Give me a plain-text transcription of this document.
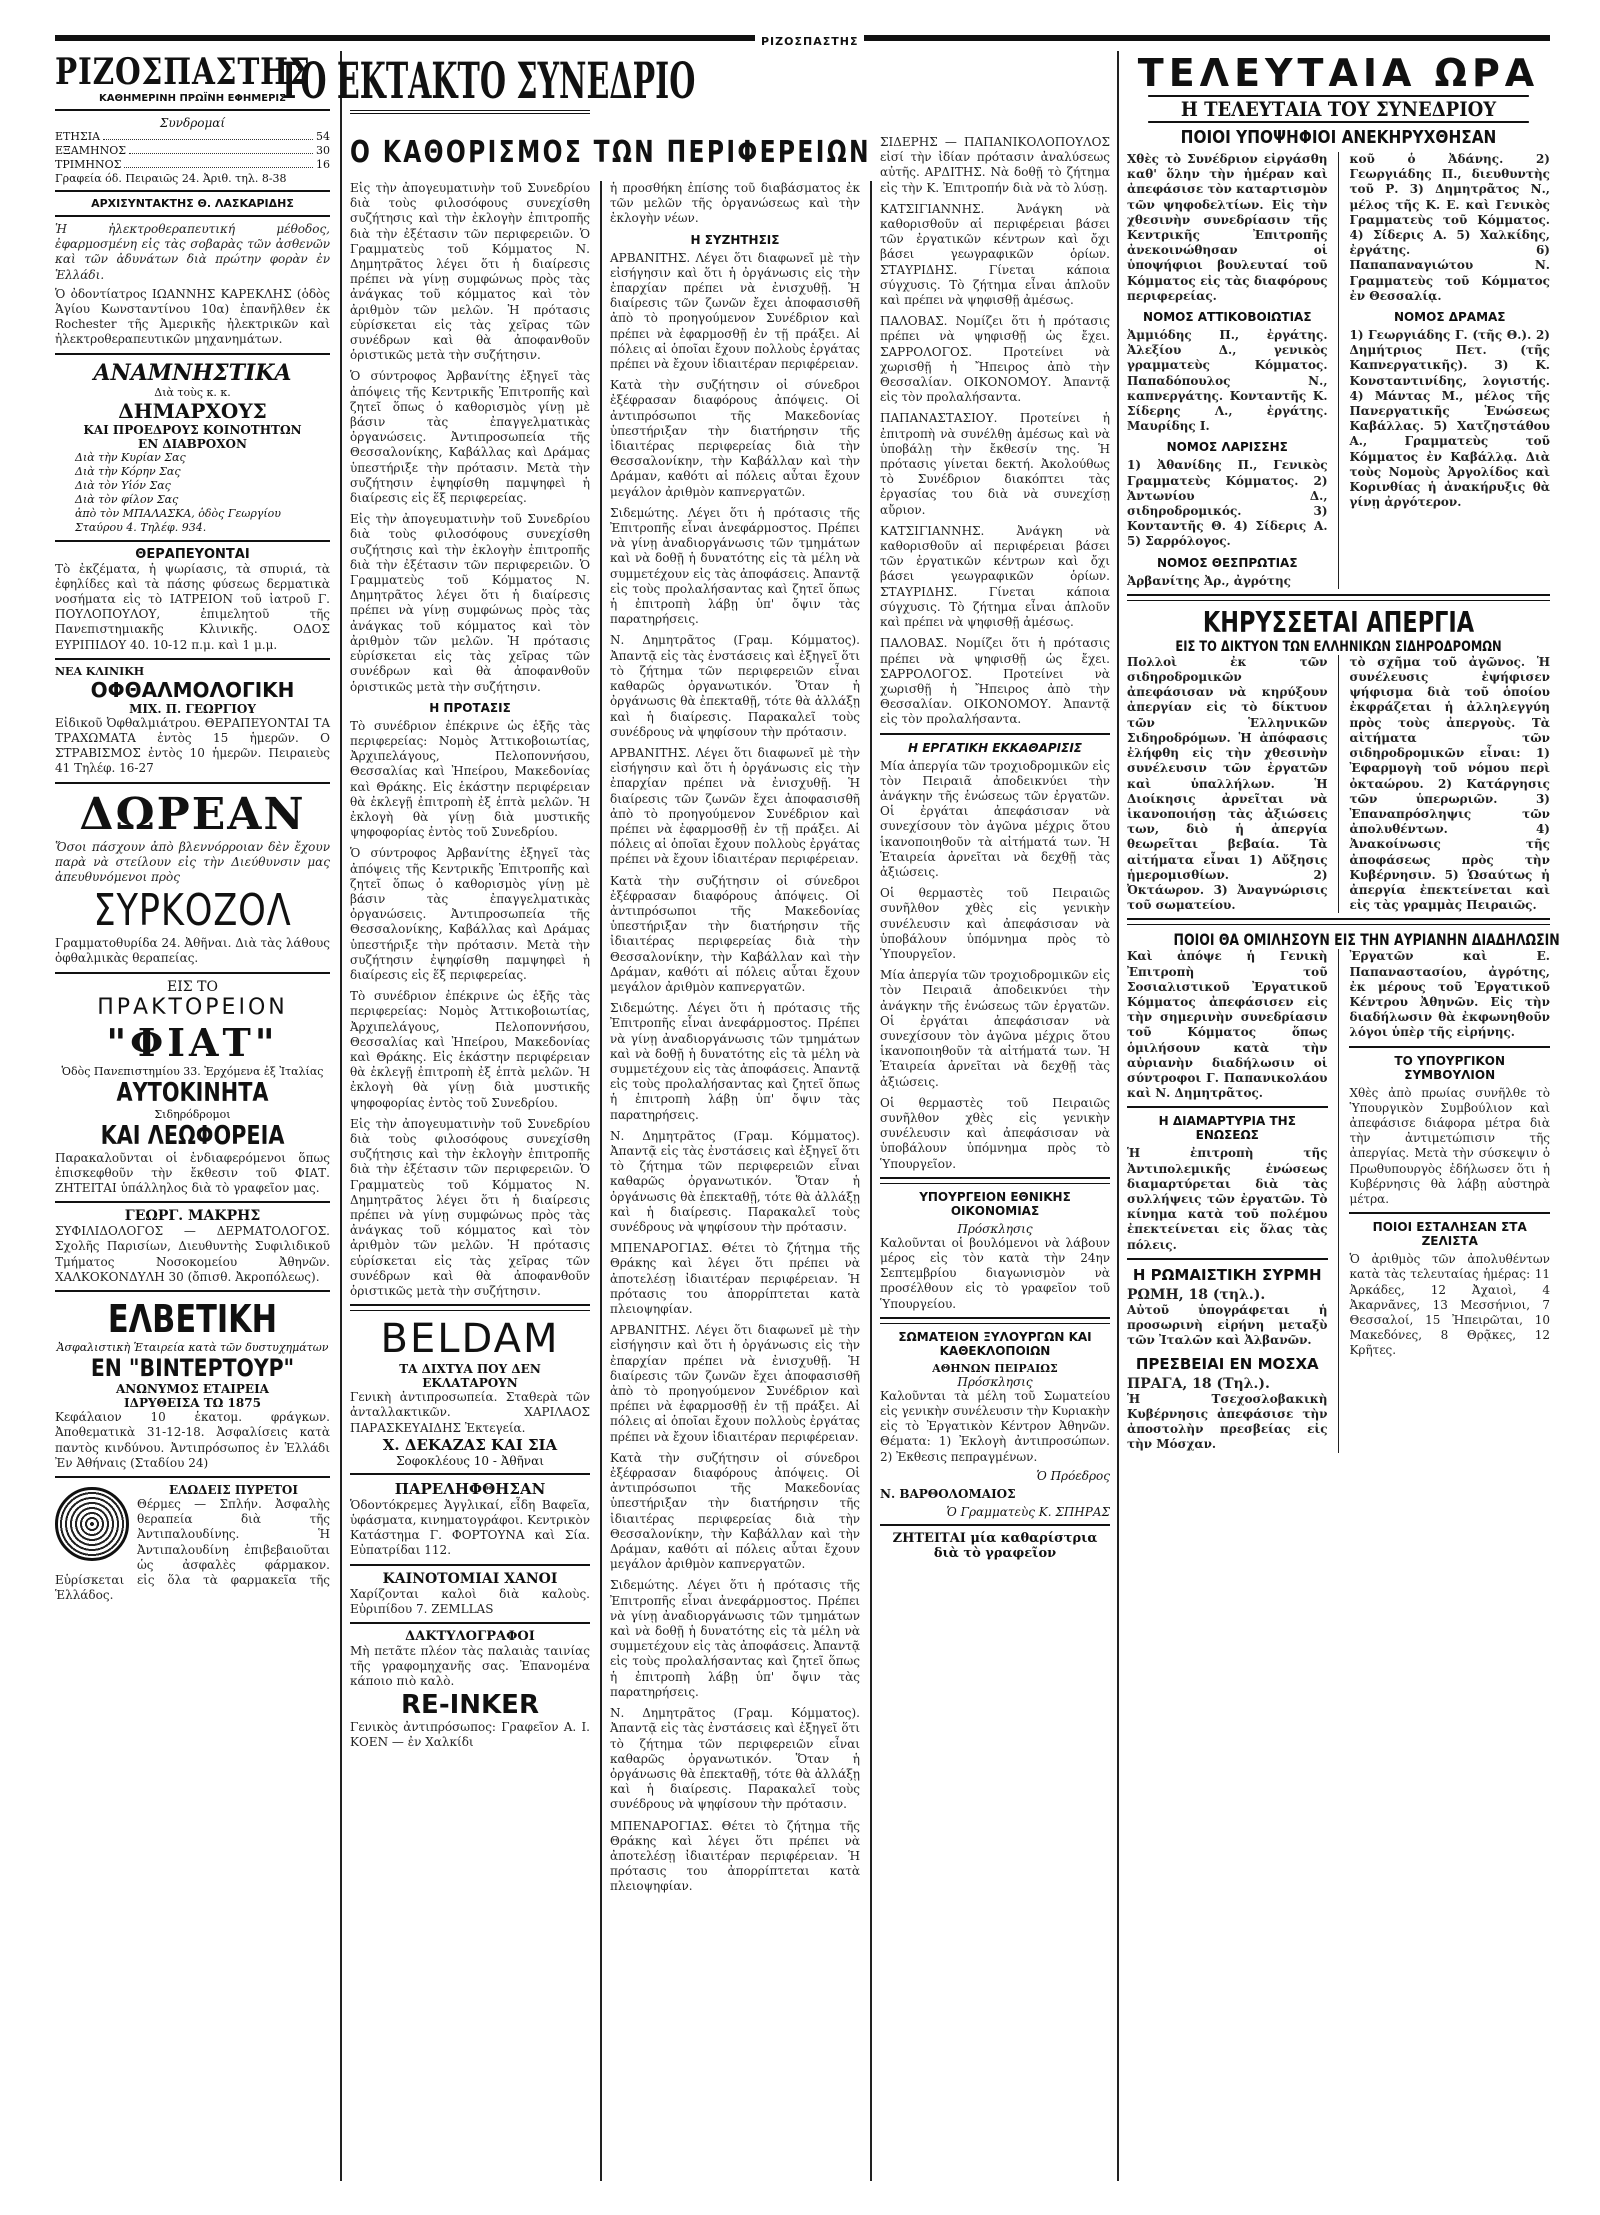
ΡΙΖΟΣΠΑΣΤΗΣ
ΡΙΖΟΣΠΑΣΤΗΣ
ΚΑΘΗΜΕΡΙΝΗ ΠΡΩΪΝΗ ΕΦΗΜΕΡΙΣ
Συνδρομαί
ΕΤΗΣΙΑ	54
ΕΞΑΜΗΝΟΣ	30
ΤΡΙΜΗΝΟΣ	16
Γραφεία όδ. Πειραιῶς 24. Ἀριθ. τηλ. 8-38
ΑΡΧΙΣΥΝΤΑΚΤΗΣ Θ. ΛΑΣΚΑΡΙΔΗΣ

Ἡ ἠλεκτροθεραπευτική μέθοδος, ἐφαρμοσμένη εἰς τὰς σοβαρὰς τῶν ἀσθενῶν καὶ τῶν ἀδυνάτων διὰ πρώτην φορὰν ἐν Ἑλλάδι.

Ὁ ὀδοντίατρος ΙΩΑΝΝΗΣ ΚΑΡΕΚΛΗΣ (ὁδὸς Ἁγίου Κωνσταντίνου 10α) ἐπανῆλθεν ἐκ Rochester τῆς Ἀμερικῆς ἠλεκτρικῶν καὶ ἠλεκτροθεραπευτικῶν μηχανημάτων.

ΑΝΑΜΝΗΣΤΙΚΑ
Διὰ τοὺς κ. κ.
ΔΗΜΑΡΧΟΥΣ
ΚΑΙ ΠΡΟΕΔΡΟΥΣ ΚΟΙΝΟΤΗΤΩΝ
ΕΝ ΔΙΑΒΡΟΧΟΝ
Διὰ τὴν Κυρίαν Σας
Διὰ τὴν Κόρην Σας
Διὰ τὸν Υἱόν Σας
Διὰ τὸν φίλον Σας
ἀπὸ τὸν ΜΠΑΛΑΣΚΑ, ὁδὸς Γεωργίου Σταύρου 4. Τηλέφ. 934.
ΘΕΡΑΠΕΥΟΝΤΑΙ

Τὸ ἐκζέματα, ἡ ψωρίασις, τὰ σπυριά, τὰ ἐφηλίδες καὶ τὰ πάσης φύσεως δερματικὰ νοσήματα εἰς τὸ ΙΑΤΡΕΙΟΝ τοῦ ἰατροῦ Γ. ΠΟΥΛΟΠΟΥΛΟΥ, ἐπιμελητοῦ τῆς Πανεπιστημιακῆς Κλινικῆς. ΟΔΟΣ ΕΥΡΙΠΙΔΟΥ 40. 10-12 π.μ. καὶ 1 μ.μ.

ΝΕΑ ΚΛΙΝΙΚΗ
ΟΦΘΑΛΜΟΛΟΓΙΚΗ
ΜΙΧ. Π. ΓΕΩΡΓΙΟΥ

Εἰδικοῦ Ὀφθαλμιάτρου. ΘΕΡΑΠΕΥΟΝΤΑΙ ΤΑ ΤΡΑΧΩΜΑΤΑ ἐντὸς 15 ἡμερῶν. Ο ΣΤΡΑΒΙΣΜΟΣ ἐντὸς 10 ἡμερῶν. Πειραιεὺς 41 Τηλέφ. 16-27

ΔΩΡΕΑΝ

Ὅσοι πάσχουν ἀπὸ βλεννόρροιαν δὲν ἔχουν παρὰ νὰ στείλουν εἰς τὴν Διεύθυνσιν μας ἀπευθυνόμενοι πρὸς

ΣΥΡΚΟΖΟΛ

Γραμματοθυρίδα 24. Ἀθῆναι. Διὰ τὰς λάθους ὀφθαλμικὰς θεραπείας.

ΕΙΣ ΤΟ
ΠΡΑΚΤΟΡΕΙΟΝ
"ΦΙΑΤ"
Ὁδὸς Πανεπιστημίου 33. Ἐρχόμενα ἐξ Ἰταλίας
ΑΥΤΟΚΙΝΗΤΑ
Σιδηρόδρομοι
ΚΑΙ ΛΕΩΦΟΡΕΙΑ

Παρακαλοῦνται οἱ ἐνδιαφερόμενοι ὅπως ἐπισκεφθοῦν τὴν ἔκθεσιν τοῦ ΦΙΑΤ. ΖΗΤΕΙΤΑΙ ὑπάλληλος διὰ τὸ γραφεῖον μας.

ΓΕΩΡΓ. ΜΑΚΡΗΣ

ΣΥΦΙΛΙΔΟΛΟΓΟΣ — ΔΕΡΜΑΤΟΛΟΓΟΣ. Σχολῆς Παρισίων, Διευθυντὴς Συφιλιδικοῦ Τμήματος Νοσοκομείου Ἀθηνῶν. ΧΑΛΚΟΚΟΝΔΥΛΗ 30 (ὄπισθ. Ἀκροπόλεως).

ΕΛΒΕΤΙΚΗ
Ἀσφαλιστικὴ Ἑταιρεία κατὰ τῶν δυστυχημάτων
ΕΝ "ΒΙΝΤΕΡΤΟΥΡ"
ΑΝΩΝΥΜΟΣ ΕΤΑΙΡΕΙΑ
ΙΔΡΥΘΕΙΣΑ ΤΩ 1875

Κεφάλαιον 10 ἑκατομ. φράγκων. Ἀποθεματικὰ 31-12-18. Ἀσφαλίσεις κατὰ παντὸς κινδύνου. Ἀντιπρόσωπος ἐν Ἑλλάδι Ἐν Ἀθήναις (Σταδίου 24)

ΕΛΩΔΕΙΣ ΠΥΡΕΤΟΙ

Θέρμες — Σπλήν. Ἀσφαλὴς θεραπεία διὰ τῆς Ἀντιπαλουδίνης. Ἡ Ἀντιπαλουδίνη ἐπιβεβαιοῦται ὡς ἀσφαλὲς φάρμακον. Εὑρίσκεται εἰς ὅλα τὰ φαρμακεῖα τῆς Ἑλλάδος.

ΤΟ ΕΚΤΑΚΤΟ ΣΥΝΕΔΡΙΟ
Ο ΚΑΘΟΡΙΣΜΟΣ ΤΩΝ ΠΕΡΙΦΕΡΕΙΩΝ

Εἰς τὴν ἀπογευματινὴν τοῦ Συνεδρίου διὰ τοὺς φιλοσόφους συνεχίσθη συζήτησις καὶ τὴν ἐκλογὴν ἐπιτροπῆς διὰ τὴν ἐξέτασιν τῶν περιφερειῶν. Ὁ Γραμματεὺς τοῦ Κόμματος Ν. Δημητρᾶτος λέγει ὅτι ἡ διαίρεσις πρέπει νὰ γίνῃ συμφώνως πρὸς τὰς ἀνάγκας τοῦ κόμματος καὶ τὸν ἀριθμὸν τῶν μελῶν. Ἡ πρότασις εὑρίσκεται εἰς τὰς χεῖρας τῶν συνέδρων καὶ θὰ ἀποφανθοῦν ὁριστικῶς μετὰ τὴν συζήτησιν.

Ὁ σύντροφος Ἀρβανίτης ἐξηγεῖ τὰς ἀπόψεις τῆς Κεντρικῆς Ἐπιτροπῆς καὶ ζητεῖ ὅπως ὁ καθορισμὸς γίνῃ μὲ βάσιν τὰς ἐπαγγελματικὰς ὀργανώσεις. Ἀντιπροσωπεία τῆς Θεσσαλονίκης, Καβάλλας καὶ Δράμας ὑπεστήριξε τὴν πρότασιν. Μετὰ τὴν συζήτησιν ἐψηφίσθη παμψηφεὶ ἡ διαίρεσις εἰς ἕξ περιφερείας.

Εἰς τὴν ἀπογευματινὴν τοῦ Συνεδρίου διὰ τοὺς φιλοσόφους συνεχίσθη συζήτησις καὶ τὴν ἐκλογὴν ἐπιτροπῆς διὰ τὴν ἐξέτασιν τῶν περιφερειῶν. Ὁ Γραμματεὺς τοῦ Κόμματος Ν. Δημητρᾶτος λέγει ὅτι ἡ διαίρεσις πρέπει νὰ γίνῃ συμφώνως πρὸς τὰς ἀνάγκας τοῦ κόμματος καὶ τὸν ἀριθμὸν τῶν μελῶν. Ἡ πρότασις εὑρίσκεται εἰς τὰς χεῖρας τῶν συνέδρων καὶ θὰ ἀποφανθοῦν ὁριστικῶς μετὰ τὴν συζήτησιν.

Η ΠΡΟΤΑΣΙΣ

Τὸ συνέδριον ἐπέκρινε ὡς ἑξῆς τὰς περιφερείας: Νομὸς Ἀττικοβοιωτίας, Ἀρχιπελάγους, Πελοποννήσου, Θεσσαλίας καὶ Ἠπείρου, Μακεδονίας καὶ Θράκης. Εἰς ἑκάστην περιφέρειαν θὰ ἐκλεγῇ ἐπιτροπὴ ἐξ ἑπτὰ μελῶν. Ἡ ἐκλογὴ θὰ γίνῃ διὰ μυστικῆς ψηφοφορίας ἐντὸς τοῦ Συνεδρίου.

Ὁ σύντροφος Ἀρβανίτης ἐξηγεῖ τὰς ἀπόψεις τῆς Κεντρικῆς Ἐπιτροπῆς καὶ ζητεῖ ὅπως ὁ καθορισμὸς γίνῃ μὲ βάσιν τὰς ἐπαγγελματικὰς ὀργανώσεις. Ἀντιπροσωπεία τῆς Θεσσαλονίκης, Καβάλλας καὶ Δράμας ὑπεστήριξε τὴν πρότασιν. Μετὰ τὴν συζήτησιν ἐψηφίσθη παμψηφεὶ ἡ διαίρεσις εἰς ἕξ περιφερείας.

Τὸ συνέδριον ἐπέκρινε ὡς ἑξῆς τὰς περιφερείας: Νομὸς Ἀττικοβοιωτίας, Ἀρχιπελάγους, Πελοποννήσου, Θεσσαλίας καὶ Ἠπείρου, Μακεδονίας καὶ Θράκης. Εἰς ἑκάστην περιφέρειαν θὰ ἐκλεγῇ ἐπιτροπὴ ἐξ ἑπτὰ μελῶν. Ἡ ἐκλογὴ θὰ γίνῃ διὰ μυστικῆς ψηφοφορίας ἐντὸς τοῦ Συνεδρίου.

Εἰς τὴν ἀπογευματινὴν τοῦ Συνεδρίου διὰ τοὺς φιλοσόφους συνεχίσθη συζήτησις καὶ τὴν ἐκλογὴν ἐπιτροπῆς διὰ τὴν ἐξέτασιν τῶν περιφερειῶν. Ὁ Γραμματεὺς τοῦ Κόμματος Ν. Δημητρᾶτος λέγει ὅτι ἡ διαίρεσις πρέπει νὰ γίνῃ συμφώνως πρὸς τὰς ἀνάγκας τοῦ κόμματος καὶ τὸν ἀριθμὸν τῶν μελῶν. Ἡ πρότασις εὑρίσκεται εἰς τὰς χεῖρας τῶν συνέδρων καὶ θὰ ἀποφανθοῦν ὁριστικῶς μετὰ τὴν συζήτησιν.

BELDAM
ΤΑ ΔΙΧΤΥΑ ΠΟΥ ΔΕΝ ΕΚΛΑΤΑΡΟΥΝ

Γενικὴ ἀντιπροσωπεία. Σταθερὰ τῶν ἀνταλλακτικῶν. ΧΑΡΙΛΑΟΣ ΠΑΡΑΣΚΕΥΑΙΔΗΣ Ἐκτεγεία.

Χ. ΔΕΚΑΖΑΣ ΚΑΙ ΣΙΑ
Σοφοκλέους 10 - Ἀθῆναι
ΠΑΡΕΛΗΦΘΗΣΑΝ

Ὁδοντόκρεμες Ἀγγλικαί, εἶδη Βαφεῖα, ὑφάσματα, κινηματογράφοι. Κεντρικὸν Κατάστημα Γ. ΦΟΡΤΟΥΝΑ καὶ Σία. Εὐπατρίδαι 112.

ΚΑΙΝΟΤΟΜΙΑΙ ΧΑΝΟΙ

Χαρίζονται καλοὶ διὰ καλοὺς. Εὐριπίδου 7. ZEMLLAS

ΔΑΚΤΥΛΟΓΡΑΦΟΙ

Μὴ πετᾶτε πλέον τὰς παλαιὰς ταινίας τῆς γραφομηχανῆς σας. Ἐπανομένα κάποιο πιὸ καλὸ.

RE-INKER

Γενικὸς ἀντιπρόσωπος: Γραφεῖον Α. Ι. ΚΟΕΝ — ἐν Χαλκίδι

ἡ προσθήκη ἐπίσης τοῦ διαβάσματος ἐκ τῶν μελῶν τῆς ὀργανώσεως καὶ τὴν ἐκλογὴν νέων.

Η ΣΥΖΗΤΗΣΙΣ

ΑΡΒΑΝΙΤΗΣ. Λέγει ὅτι διαφωνεῖ μὲ τὴν εἰσήγησιν καὶ ὅτι ἡ ὀργάνωσις εἰς τὴν ἐπαρχίαν πρέπει νὰ ἐνισχυθῇ. Ἡ διαίρεσις τῶν ζωνῶν ἔχει ἀποφασισθῆ ἀπὸ τὸ προηγούμενον Συνέδριον καὶ πρέπει νὰ ἐφαρμοσθῇ ἐν τῇ πράξει. Αἱ πόλεις αἱ ὁποῖαι ἔχουν πολλοὺς ἐργάτας πρέπει νὰ ἔχουν ἰδιαιτέραν περιφέρειαν.

Κατὰ τὴν συζήτησιν οἱ σύνεδροι ἐξέφρασαν διαφόρους ἀπόψεις. Οἱ ἀντιπρόσωποι τῆς Μακεδονίας ὑπεστήριξαν τὴν διατήρησιν τῆς ἰδιαιτέρας περιφερείας διὰ τὴν Θεσσαλονίκην, τὴν Καβάλλαν καὶ τὴν Δράμαν, καθότι αἱ πόλεις αὗται ἔχουν μεγάλον ἀριθμὸν καπνεργατῶν.

Σιδεμώτης. Λέγει ὅτι ἡ πρότασις τῆς Ἐπιτροπῆς εἶναι ἀνεφάρμοστος. Πρέπει νὰ γίνῃ ἀναδιοργάνωσις τῶν τμημάτων καὶ νὰ δοθῇ ἡ δυνατότης εἰς τὰ μέλη νὰ συμμετέχουν εἰς τὰς ἀποφάσεις. Ἀπαντᾷ εἰς τοὺς προλαλήσαντας καὶ ζητεῖ ὅπως ἡ ἐπιτροπὴ λάβῃ ὑπ' ὄψιν τὰς παρατηρήσεις.

Ν. Δημητρᾶτος (Γραμ. Κόμματος). Ἀπαντᾷ εἰς τὰς ἐνστάσεις καὶ ἐξηγεῖ ὅτι τὸ ζήτημα τῶν περιφερειῶν εἶναι καθαρῶς ὀργανωτικόν. Ὅταν ἡ ὀργάνωσις θὰ ἐπεκταθῇ, τότε θὰ ἀλλάξῃ καὶ ἡ διαίρεσις. Παρακαλεῖ τοὺς συνέδρους νὰ ψηφίσουν τὴν πρότασιν.

ΑΡΒΑΝΙΤΗΣ. Λέγει ὅτι διαφωνεῖ μὲ τὴν εἰσήγησιν καὶ ὅτι ἡ ὀργάνωσις εἰς τὴν ἐπαρχίαν πρέπει νὰ ἐνισχυθῇ. Ἡ διαίρεσις τῶν ζωνῶν ἔχει ἀποφασισθῆ ἀπὸ τὸ προηγούμενον Συνέδριον καὶ πρέπει νὰ ἐφαρμοσθῇ ἐν τῇ πράξει. Αἱ πόλεις αἱ ὁποῖαι ἔχουν πολλοὺς ἐργάτας πρέπει νὰ ἔχουν ἰδιαιτέραν περιφέρειαν.

Κατὰ τὴν συζήτησιν οἱ σύνεδροι ἐξέφρασαν διαφόρους ἀπόψεις. Οἱ ἀντιπρόσωποι τῆς Μακεδονίας ὑπεστήριξαν τὴν διατήρησιν τῆς ἰδιαιτέρας περιφερείας διὰ τὴν Θεσσαλονίκην, τὴν Καβάλλαν καὶ τὴν Δράμαν, καθότι αἱ πόλεις αὗται ἔχουν μεγάλον ἀριθμὸν καπνεργατῶν.

Σιδεμώτης. Λέγει ὅτι ἡ πρότασις τῆς Ἐπιτροπῆς εἶναι ἀνεφάρμοστος. Πρέπει νὰ γίνῃ ἀναδιοργάνωσις τῶν τμημάτων καὶ νὰ δοθῇ ἡ δυνατότης εἰς τὰ μέλη νὰ συμμετέχουν εἰς τὰς ἀποφάσεις. Ἀπαντᾷ εἰς τοὺς προλαλήσαντας καὶ ζητεῖ ὅπως ἡ ἐπιτροπὴ λάβῃ ὑπ' ὄψιν τὰς παρατηρήσεις.

Ν. Δημητρᾶτος (Γραμ. Κόμματος). Ἀπαντᾷ εἰς τὰς ἐνστάσεις καὶ ἐξηγεῖ ὅτι τὸ ζήτημα τῶν περιφερειῶν εἶναι καθαρῶς ὀργανωτικόν. Ὅταν ἡ ὀργάνωσις θὰ ἐπεκταθῇ, τότε θὰ ἀλλάξῃ καὶ ἡ διαίρεσις. Παρακαλεῖ τοὺς συνέδρους νὰ ψηφίσουν τὴν πρότασιν.

ΜΠΕΝΑΡΟΓΙΑΣ. Θέτει τὸ ζήτημα τῆς Θράκης καὶ λέγει ὅτι πρέπει νὰ ἀποτελέσῃ ἰδιαιτέραν περιφέρειαν. Ἡ πρότασις του ἀπορρίπτεται κατὰ πλειοψηφίαν.

ΑΡΒΑΝΙΤΗΣ. Λέγει ὅτι διαφωνεῖ μὲ τὴν εἰσήγησιν καὶ ὅτι ἡ ὀργάνωσις εἰς τὴν ἐπαρχίαν πρέπει νὰ ἐνισχυθῇ. Ἡ διαίρεσις τῶν ζωνῶν ἔχει ἀποφασισθῆ ἀπὸ τὸ προηγούμενον Συνέδριον καὶ πρέπει νὰ ἐφαρμοσθῇ ἐν τῇ πράξει. Αἱ πόλεις αἱ ὁποῖαι ἔχουν πολλοὺς ἐργάτας πρέπει νὰ ἔχουν ἰδιαιτέραν περιφέρειαν.

Κατὰ τὴν συζήτησιν οἱ σύνεδροι ἐξέφρασαν διαφόρους ἀπόψεις. Οἱ ἀντιπρόσωποι τῆς Μακεδονίας ὑπεστήριξαν τὴν διατήρησιν τῆς ἰδιαιτέρας περιφερείας διὰ τὴν Θεσσαλονίκην, τὴν Καβάλλαν καὶ τὴν Δράμαν, καθότι αἱ πόλεις αὗται ἔχουν μεγάλον ἀριθμὸν καπνεργατῶν.

Σιδεμώτης. Λέγει ὅτι ἡ πρότασις τῆς Ἐπιτροπῆς εἶναι ἀνεφάρμοστος. Πρέπει νὰ γίνῃ ἀναδιοργάνωσις τῶν τμημάτων καὶ νὰ δοθῇ ἡ δυνατότης εἰς τὰ μέλη νὰ συμμετέχουν εἰς τὰς ἀποφάσεις. Ἀπαντᾷ εἰς τοὺς προλαλήσαντας καὶ ζητεῖ ὅπως ἡ ἐπιτροπὴ λάβῃ ὑπ' ὄψιν τὰς παρατηρήσεις.

Ν. Δημητρᾶτος (Γραμ. Κόμματος). Ἀπαντᾷ εἰς τὰς ἐνστάσεις καὶ ἐξηγεῖ ὅτι τὸ ζήτημα τῶν περιφερειῶν εἶναι καθαρῶς ὀργανωτικόν. Ὅταν ἡ ὀργάνωσις θὰ ἐπεκταθῇ, τότε θὰ ἀλλάξῃ καὶ ἡ διαίρεσις. Παρακαλεῖ τοὺς συνέδρους νὰ ψηφίσουν τὴν πρότασιν.

ΜΠΕΝΑΡΟΓΙΑΣ. Θέτει τὸ ζήτημα τῆς Θράκης καὶ λέγει ὅτι πρέπει νὰ ἀποτελέσῃ ἰδιαιτέραν περιφέρειαν. Ἡ πρότασις του ἀπορρίπτεται κατὰ πλειοψηφίαν.

ΣΙΔΕΡΗΣ — ΠΑΠΑΝΙΚΟΛΟΠΟΥΛΟΣ εἰσί τὴν ἰδίαν πρότασιν ἀναλύσεως αὐτῆς. ΑΡΔΙΤΗΣ. Νὰ δοθῇ τὸ ζήτημα εἰς τὴν Κ. Ἐπιτροπήν διὰ νὰ τὸ λύσῃ.

ΚΑΤΣΙΓΙΑΝΝΗΣ. Ἀνάγκη νὰ καθορισθοῦν αἱ περιφέρειαι βάσει τῶν ἐργατικῶν κέντρων καὶ ὄχι βάσει γεωγραφικῶν ὁρίων. ΣΤΑΥΡΙΔΗΣ. Γίνεται κάποια σύγχυσις. Τὸ ζήτημα εἶναι ἁπλοῦν καὶ πρέπει νὰ ψηφισθῇ ἀμέσως.

ΠΑΛΟΒΑΣ. Νομίζει ὅτι ἡ πρότασις πρέπει νὰ ψηφισθῇ ὡς ἔχει. ΣΑΡΡΟΛΟΓΟΣ. Προτείνει νὰ χωρισθῇ ἡ Ἤπειρος ἀπὸ τὴν Θεσσαλίαν. ΟΙΚΟΝΟΜΟΥ. Ἀπαντᾷ εἰς τὸν προλαλήσαντα.

ΠΑΠΑΝΑΣΤΑΣΙΟΥ. Προτείνει ἡ ἐπιτροπὴ νὰ συνέλθῃ ἀμέσως καὶ νὰ ὑποβάλῃ τὴν ἔκθεσίν της. Ἡ πρότασις γίνεται δεκτή. Ἀκολούθως τὸ Συνέδριον διακόπτει τὰς ἐργασίας του διὰ νὰ συνεχίσῃ αὔριον.

ΚΑΤΣΙΓΙΑΝΝΗΣ. Ἀνάγκη νὰ καθορισθοῦν αἱ περιφέρειαι βάσει τῶν ἐργατικῶν κέντρων καὶ ὄχι βάσει γεωγραφικῶν ὁρίων. ΣΤΑΥΡΙΔΗΣ. Γίνεται κάποια σύγχυσις. Τὸ ζήτημα εἶναι ἁπλοῦν καὶ πρέπει νὰ ψηφισθῇ ἀμέσως.

ΠΑΛΟΒΑΣ. Νομίζει ὅτι ἡ πρότασις πρέπει νὰ ψηφισθῇ ὡς ἔχει. ΣΑΡΡΟΛΟΓΟΣ. Προτείνει νὰ χωρισθῇ ἡ Ἤπειρος ἀπὸ τὴν Θεσσαλίαν. ΟΙΚΟΝΟΜΟΥ. Ἀπαντᾷ εἰς τὸν προλαλήσαντα.

Η ΕΡΓΑΤΙΚΗ ΕΚΚΑΘΑΡΙΣΙΣ

Μία ἀπεργία τῶν τροχιοδρομικῶν εἰς τὸν Πειραιᾶ ἀποδεικνύει τὴν ἀνάγκην τῆς ἑνώσεως τῶν ἐργατῶν. Οἱ ἐργάται ἀπεφάσισαν νὰ συνεχίσουν τὸν ἀγῶνα μέχρις ὅτου ἱκανοποιηθοῦν τὰ αἰτήματά των. Ἡ Ἑταιρεία ἀρνεῖται νὰ δεχθῇ τὰς ἀξιώσεις.

Οἱ θερμαστὲς τοῦ Πειραιῶς συνῆλθον χθὲς εἰς γενικὴν συνέλευσιν καὶ ἀπεφάσισαν νὰ ὑποβάλουν ὑπόμνημα πρὸς τὸ Ὑπουργεῖον.

Μία ἀπεργία τῶν τροχιοδρομικῶν εἰς τὸν Πειραιᾶ ἀποδεικνύει τὴν ἀνάγκην τῆς ἑνώσεως τῶν ἐργατῶν. Οἱ ἐργάται ἀπεφάσισαν νὰ συνεχίσουν τὸν ἀγῶνα μέχρις ὅτου ἱκανοποιηθοῦν τὰ αἰτήματά των. Ἡ Ἑταιρεία ἀρνεῖται νὰ δεχθῇ τὰς ἀξιώσεις.

Οἱ θερμαστὲς τοῦ Πειραιῶς συνῆλθον χθὲς εἰς γενικὴν συνέλευσιν καὶ ἀπεφάσισαν νὰ ὑποβάλουν ὑπόμνημα πρὸς τὸ Ὑπουργεῖον.

ΥΠΟΥΡΓΕΙΟΝ ΕΘΝΙΚΗΣ ΟΙΚΟΝΟΜΙΑΣ
Πρόσκλησις

Καλοῦνται οἱ βουλόμενοι νὰ λάβουν μέρος εἰς τὸν κατὰ τὴν 24ην Σεπτεμβρίου διαγωνισμὸν νὰ προσέλθουν εἰς τὸ γραφεῖον τοῦ Ὑπουργείου.

ΣΩΜΑΤΕΙΟΝ ΞΥΛΟΥΡΓΩΝ ΚΑΙ ΚΑΘΕΚΛΟΠΟΙΩΝ
ΑΘΗΝΩΝ ΠΕΙΡΑΙΩΣ
Πρόσκλησις

Καλοῦνται τὰ μέλη τοῦ Σωματείου εἰς γενικὴν συνέλευσιν τὴν Κυριακὴν εἰς τὸ Ἐργατικὸν Κέντρον Ἀθηνῶν. Θέματα: 1) Ἐκλογὴ ἀντιπροσώπων. 2) Ἐκθεσις πεπραγμένων.

Ὁ Πρόεδρος
Ν. ΒΑΡΘΟΛΟΜΑΙΟΣ
Ὁ Γραμματεὺς Κ. ΣΠΗΡΑΣ
ΖΗΤΕΙΤΑΙ μία καθαρίστρια διὰ τὸ γραφεῖον
ΤΕΛΕΥΤΑΙΑ ΩΡΑ
Η ΤΕΛΕΥΤΑΙΑ ΤΟΥ ΣΥΝΕΔΡΙΟΥ
ΠΟΙΟΙ ΥΠΟΨΗΦΙΟΙ ΑΝΕΚΗΡΥΧΘΗΣΑΝ

Χθὲς τὸ Συνέδριον εἰργάσθη καθ' ὅλην τὴν ἡμέραν καὶ ἀπεφάσισε τὸν καταρτισμὸν τῶν ψηφοδελτίων. Εἰς τὴν χθεσινὴν συνεδρίασιν τῆς Κεντρικῆς Ἐπιτροπῆς ἀνεκοινώθησαν οἱ ὑποψήφιοι βουλευταί τοῦ Κόμματος εἰς τὰς διαφόρους περιφερείας.

ΝΟΜΟΣ ΑΤΤΙΚΟΒΟΙΩΤΙΑΣ

Ἀμμιόδης Π., ἐργάτης. Ἀλεξίου Δ., γενικὸς γραμματεὺς Κόμματος. Παπαδόπουλος Ν., καπνεργάτης. Κονταντῆς Κ. Σίδερης Λ., ἐργάτης. Μαυρίδης Ι.

ΝΟΜΟΣ ΛΑΡΙΣΣΗΣ

1) Ἀθανίδης Π., Γενικὸς Γραμματεὺς Κόμματος. 2) Ἀντωνίου Δ., σιδηροδρομικός. 3) Κονταντῆς Θ. 4) Σίδερις Α. 5) Σαρρόλογος.

ΝΟΜΟΣ ΘΕΣΠΡΩΤΙΑΣ

Ἀρβανίτης Ἀρ., ἀγρότης

κοῦ ὁ Ἀδάνης. 2) Γεωργιάδης Π., διευθυντὴς τοῦ Ρ. 3) Δημητρᾶτος Ν., μέλος τῆς Κ. Ε. καὶ Γενικὸς Γραμματεὺς τοῦ Κόμματος. 4) Σίδερις Α. 5) Χαλκίδης, ἐργάτης. 6) Παπαπαναγιώτου Ν. Γραμματεὺς τοῦ Κόμματος ἐν Θεσσαλίᾳ.

ΝΟΜΟΣ ΔΡΑΜΑΣ

1) Γεωργιάδης Γ. (τῆς Θ.). 2) Δημήτριος Πετ. (τῆς Καπνεργατικῆς). 3) Κ. Κονσταντινίδης, λογιστής. 4) Μάντας Μ., μέλος τῆς Πανεργατικῆς Ἑνώσεως Καβάλλας. 5) Χατζηστάθου Α., Γραμματεὺς τοῦ Κόμματος ἐν Καβάλλᾳ. Διὰ τοὺς Νομοὺς Ἀργολίδος καὶ Κορινθίας ἡ ἀνακήρυξις θὰ γίνῃ ἀργότερον.

ΚΗΡΥΣΣΕΤΑΙ ΑΠΕΡΓΙΑ
ΕΙΣ ΤΟ ΔΙΚΤΥΟΝ ΤΩΝ ΕΛΛΗΝΙΚΩΝ ΣΙΔΗΡΟΔΡΟΜΩΝ

Πολλοὶ ἐκ τῶν σιδηροδρομικῶν ἀπεφάσισαν νὰ κηρύξουν ἀπεργίαν εἰς τὸ δίκτυον τῶν Ἑλληνικῶν Σιδηροδρόμων. Ἡ ἀπόφασις ἐλήφθη εἰς τὴν χθεσινὴν συνέλευσιν τῶν ἐργατῶν καὶ ὑπαλλήλων. Ἡ Διοίκησις ἀρνεῖται νὰ ἱκανοποιήσῃ τὰς ἀξιώσεις των, διὸ ἡ ἀπεργία θεωρεῖται βεβαία. Τὰ αἰτήματα εἶναι 1) Αὔξησις ἡμερομισθίων. 2) Ὀκτάωρον. 3) Ἀναγνώρισις τοῦ σωματείου.

τὸ σχῆμα τοῦ ἀγῶνος. Ἡ συνέλευσις ἐψήφισεν ψήφισμα διὰ τοῦ ὁποίου ἐκφράζεται ἡ ἀλληλεγγύη πρὸς τοὺς ἀπεργοὺς. Τὰ αἰτήματα τῶν σιδηροδρομικῶν εἶναι: 1) Ἐφαρμογὴ τοῦ νόμου περὶ ὀκταώρου. 2) Κατάργησις τῶν ὑπερωριῶν. 3) Ἐπαναπρόσληψις τῶν ἀπολυθέντων. 4) Ἀνακοίνωσις τῆς ἀποφάσεως πρὸς τὴν Κυβέρνησιν. 5) Ὡσαύτως ἡ ἀπεργία ἐπεκτείνεται καὶ εἰς τὰς γραμμὰς Πειραιῶς.

ΠΟΙΟΙ ΘΑ ΟΜΙΛΗΣΟΥΝ ΕΙΣ ΤΗΝ ΑΥΡΙΑΝΗΝ ΔΙΑΔΗΛΩΣΙΝ

Καὶ ἀπόψε ἡ Γενικὴ Ἐπιτροπὴ τοῦ Σοσιαλιστικοῦ Ἐργατικοῦ Κόμματος ἀπεφάσισεν εἰς τὴν σημερινὴν συνεδρίασιν τοῦ Κόμματος ὅπως ὁμιλήσουν κατὰ τὴν αὐριανὴν διαδήλωσιν οἱ σύντροφοι Γ. Παπανικολάου καὶ Ν. Δημητρᾶτος.

Η ΔΙΑΜΑΡΤΥΡΙΑ ΤΗΣ ΕΝΩΣΕΩΣ

Ἡ ἐπιτροπὴ τῆς Ἀντιπολεμικῆς ἑνώσεως διαμαρτύρεται διὰ τὰς συλλήψεις τῶν ἐργατῶν. Τὸ κίνημα κατὰ τοῦ πολέμου ἐπεκτείνεται εἰς ὅλας τὰς πόλεις.

Η ΡΩΜΑΙΣΤΙΚΗ ΣΥΡΜΗ

ΡΩΜΗ, 18 (τηλ.).

Αὐτοῦ ὑπογράφεται ἡ προσωρινὴ εἰρήνη μεταξὺ τῶν Ἰταλῶν καὶ Ἀλβανῶν.

ΠΡΕΣΒΕΙΑΙ ΕΝ ΜΟΣΧΑ

ΠΡΑΓΑ, 18 (Τηλ.).

Ἡ Τσεχοσλοβακικὴ Κυβέρνησις ἀπεφάσισε τὴν ἀποστολὴν πρεσβείας εἰς τὴν Μόσχαν.

Ἐργατῶν καὶ Ε. Παπαναστασίου, ἀγρότης, ἐκ μέρους τοῦ Ἐργατικοῦ Κέντρου Ἀθηνῶν. Εἰς τὴν διαδήλωσιν θὰ ἐκφωνηθοῦν λόγοι ὑπὲρ τῆς εἰρήνης.

ΤΟ ΥΠΟΥΡΓΙΚΟΝ ΣΥΜΒΟΥΛΙΟΝ

Χθὲς ἀπὸ πρωίας συνῆλθε τὸ Ὑπουργικὸν Συμβούλιον καὶ ἀπεφάσισε διάφορα μέτρα διὰ τὴν ἀντιμετώπισιν τῆς ἀπεργίας. Μετὰ τὴν σύσκεψιν ὁ Πρωθυπουργὸς ἐδήλωσεν ὅτι ἡ Κυβέρνησις θὰ λάβῃ αὐστηρὰ μέτρα.

ΠΟΙΟΙ ΕΣΤΑΛΗΣΑΝ ΣΤΑ ΖΕΛΙΣΤΑ

Ὁ ἀριθμὸς τῶν ἀπολυθέντων κατὰ τὰς τελευταίας ἡμέρας: 11 Ἀρκάδες, 12 Ἀχαιοὶ, 4 Ἀκαρνᾶνες, 13 Μεσσήνιοι, 7 Θεσσαλοί, 15 Ἠπειρῶται, 10 Μακεδόνες, 8 Θρᾷκες, 12 Κρῆτες.
